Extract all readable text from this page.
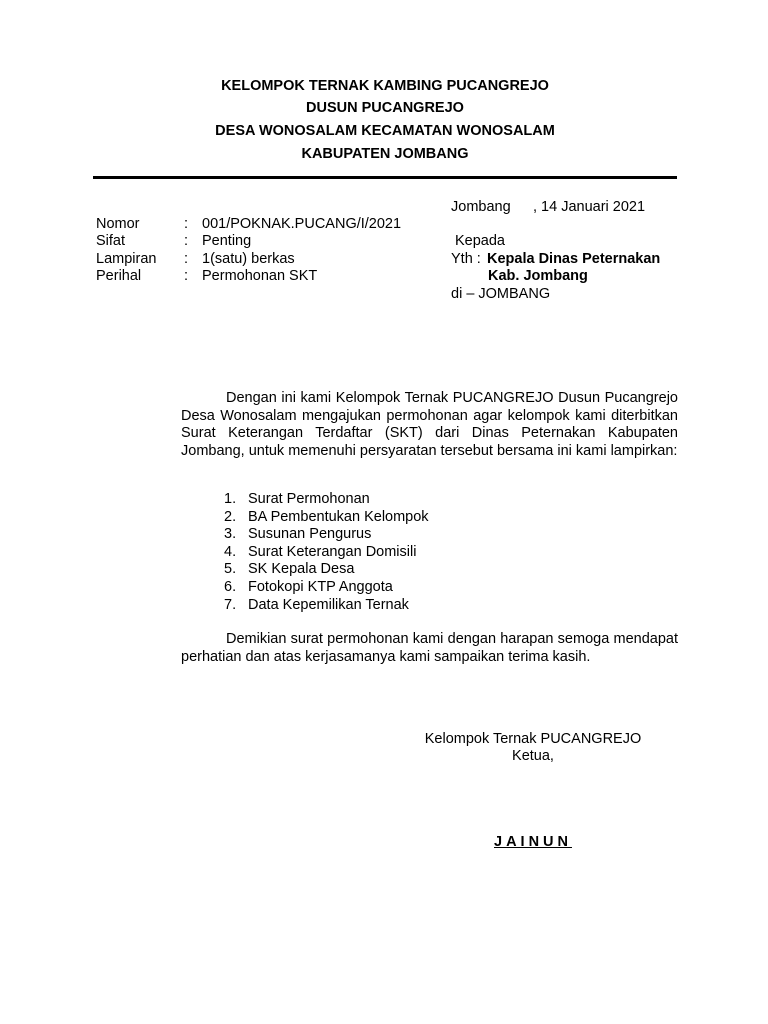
KELOMPOK TERNAK KAMBING PUCANGREJO
DUSUN PUCANGREJO
DESA WONOSALAM KECAMATAN WONOSALAM
KABUPATEN JOMBANG
Jombang , 14 Januari 2021
Nomor	: 001/POKNAK.PUCANG/I/2021
Sifat	: Penting
Lampiran : 1(satu) berkas
Perihal	: Permohonan SKT
Kepada
Yth : Kepala Dinas Peternakan
Kab. Jombang
di – JOMBANG
Dengan ini kami Kelompok Ternak PUCANGREJO Dusun Pucangrejo Desa Wonosalam mengajukan permohonan agar kelompok kami diterbitkan Surat Keterangan Terdaftar (SKT) dari Dinas Peternakan Kabupaten Jombang, untuk memenuhi persyaratan tersebut bersama ini kami lampirkan:
1. Surat Permohonan
2. BA Pembentukan Kelompok
3. Susunan Pengurus
4. Surat Keterangan Domisili
5. SK Kepala Desa
6. Fotokopi KTP Anggota
7. Data Kepemilikan Ternak
Demikian surat permohonan kami dengan harapan semoga mendapat perhatian dan atas kerjasamanya kami sampaikan terima kasih.
Kelompok Ternak PUCANGREJO
Ketua,
JAINUN
